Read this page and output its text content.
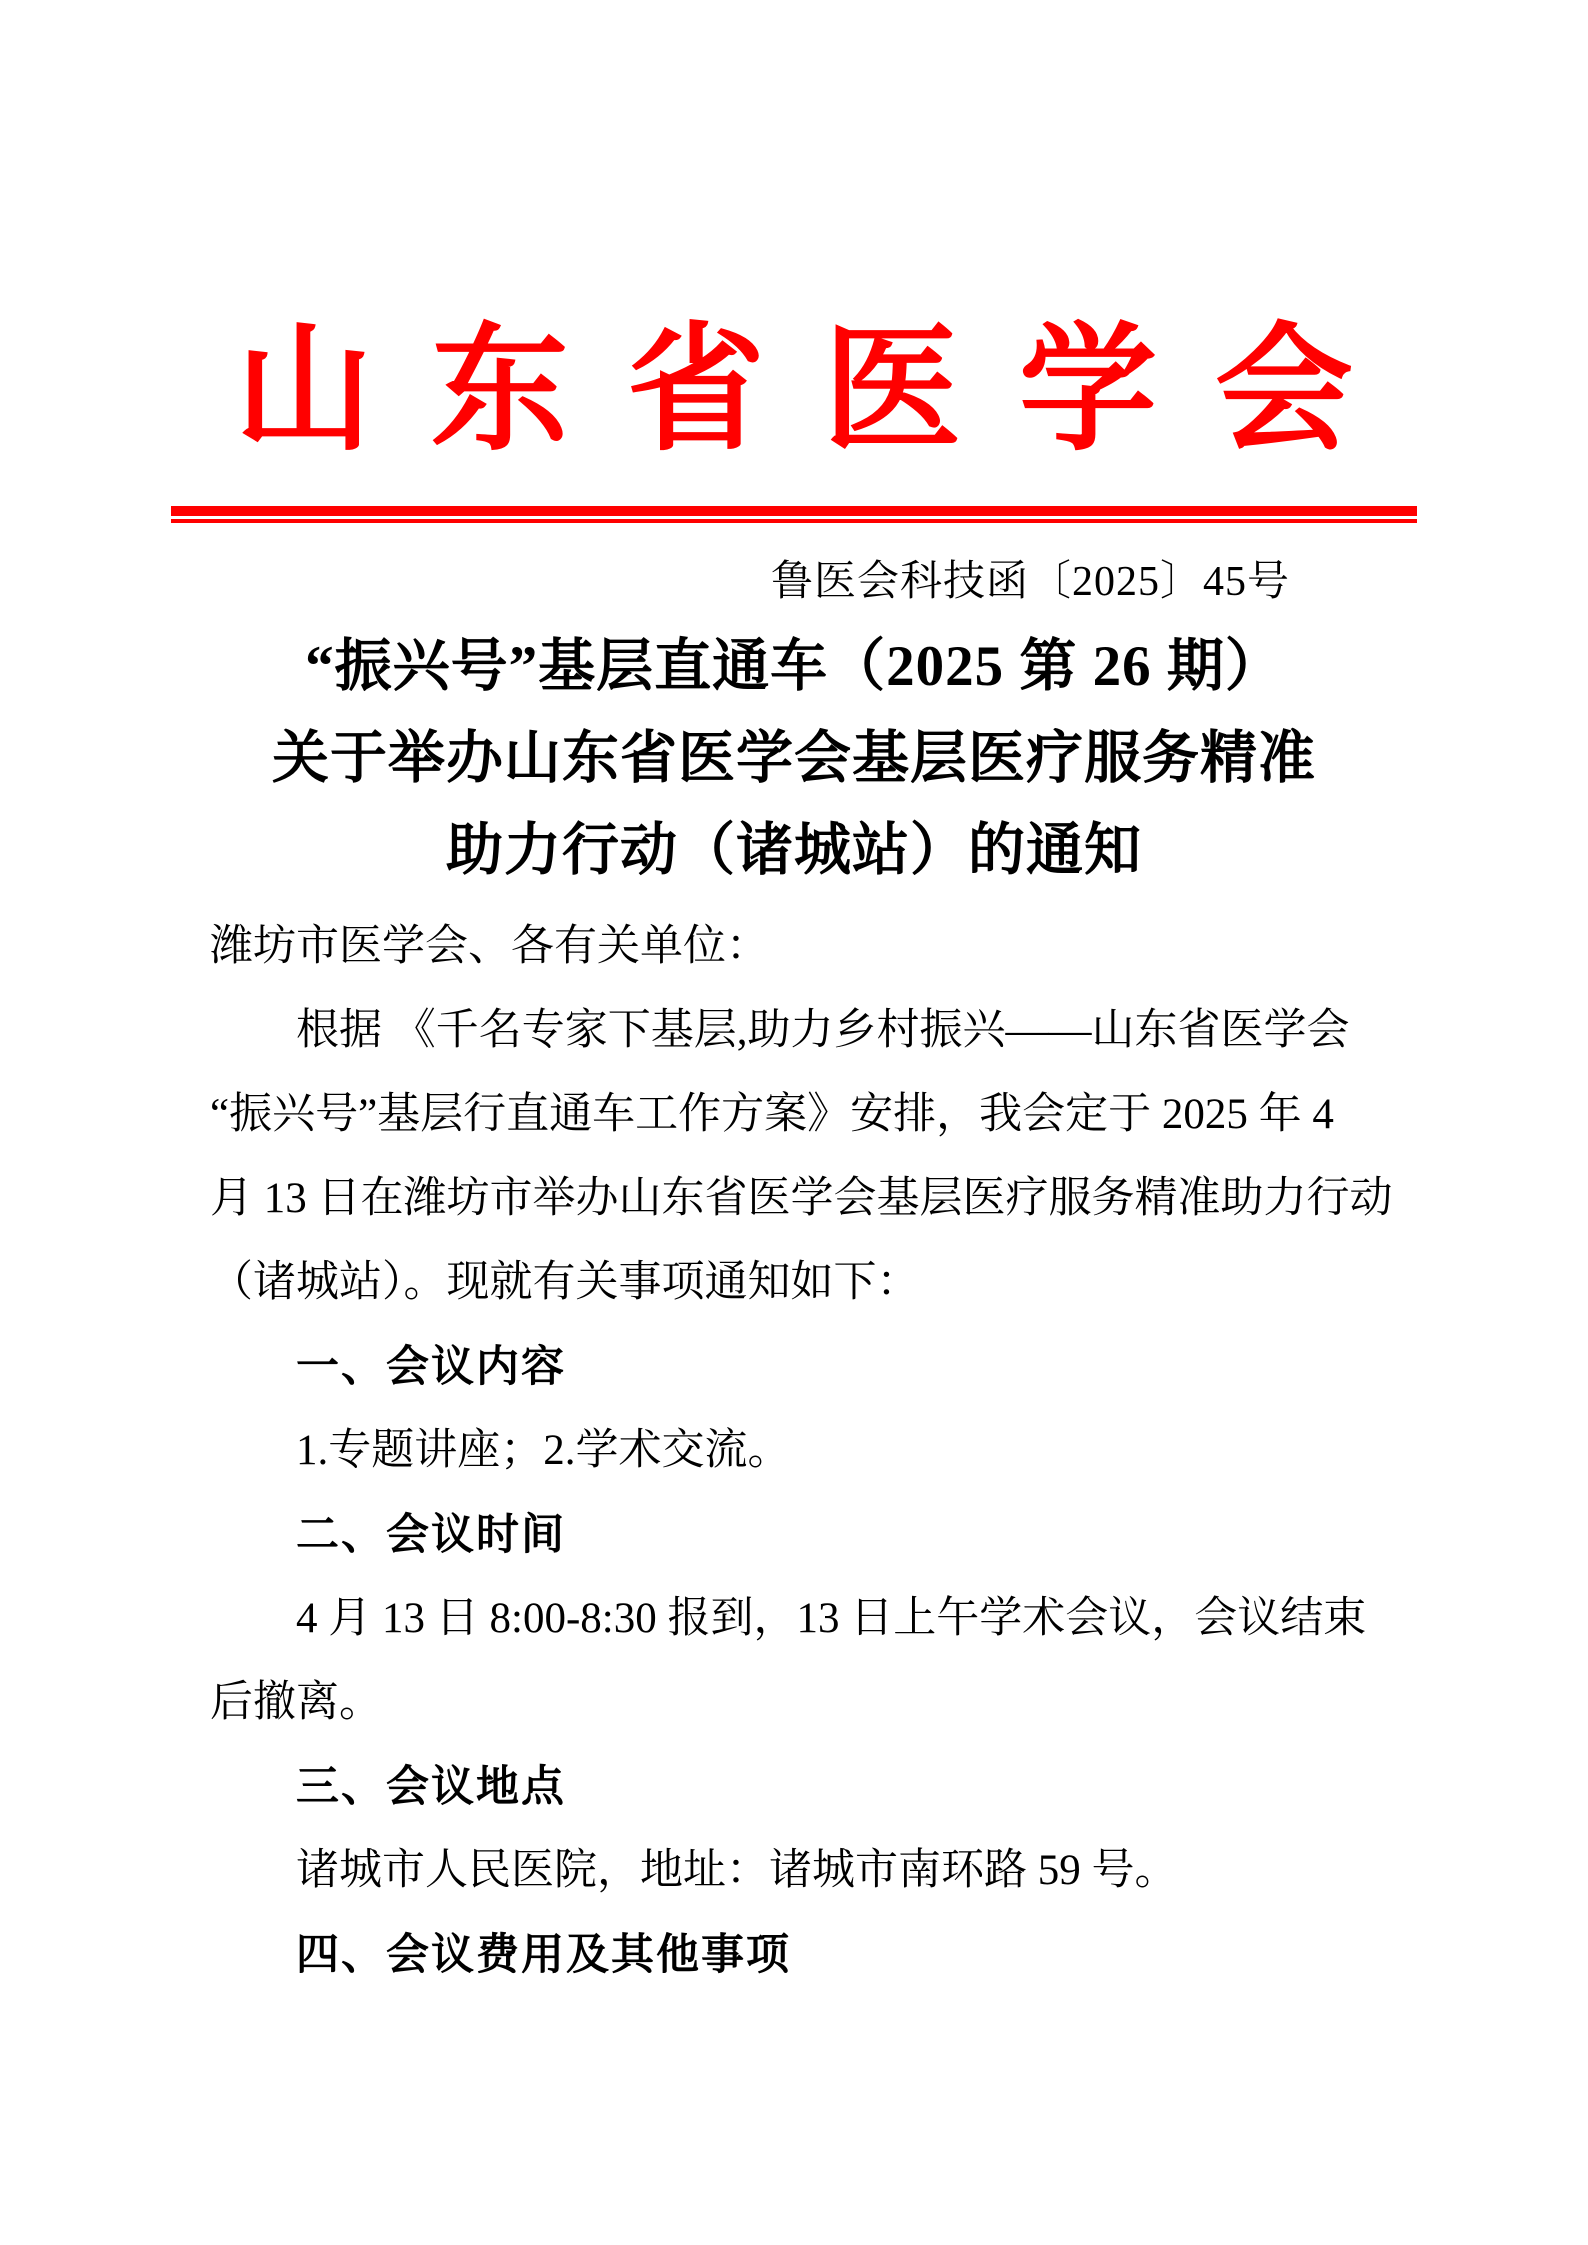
山东省医学会
鲁医会科技函〔2025〕45号
“振兴号”基层直通车（2025 第 26 期）
关于举办山东省医学会基层医疗服务精准
助力行动（诸城站）的通知
潍坊市医学会、各有关单位：
根据 《千名专家下基层,助力乡村振兴——山东省医学会
“振兴号”基层行直通车工作方案》安排，我会定于 2025 年 4
月 13 日在潍坊市举办山东省医学会基层医疗服务精准助力行动
（诸城站）。现就有关事项通知如下：
一、会议内容
1.专题讲座；2.学术交流。
二、会议时间
4 月 13 日 8:00-8:30 报到，13 日上午学术会议，会议结束
后撤离。
三、会议地点
诸城市人民医院，地址：诸城市南环路 59 号。
四、会议费用及其他事项
